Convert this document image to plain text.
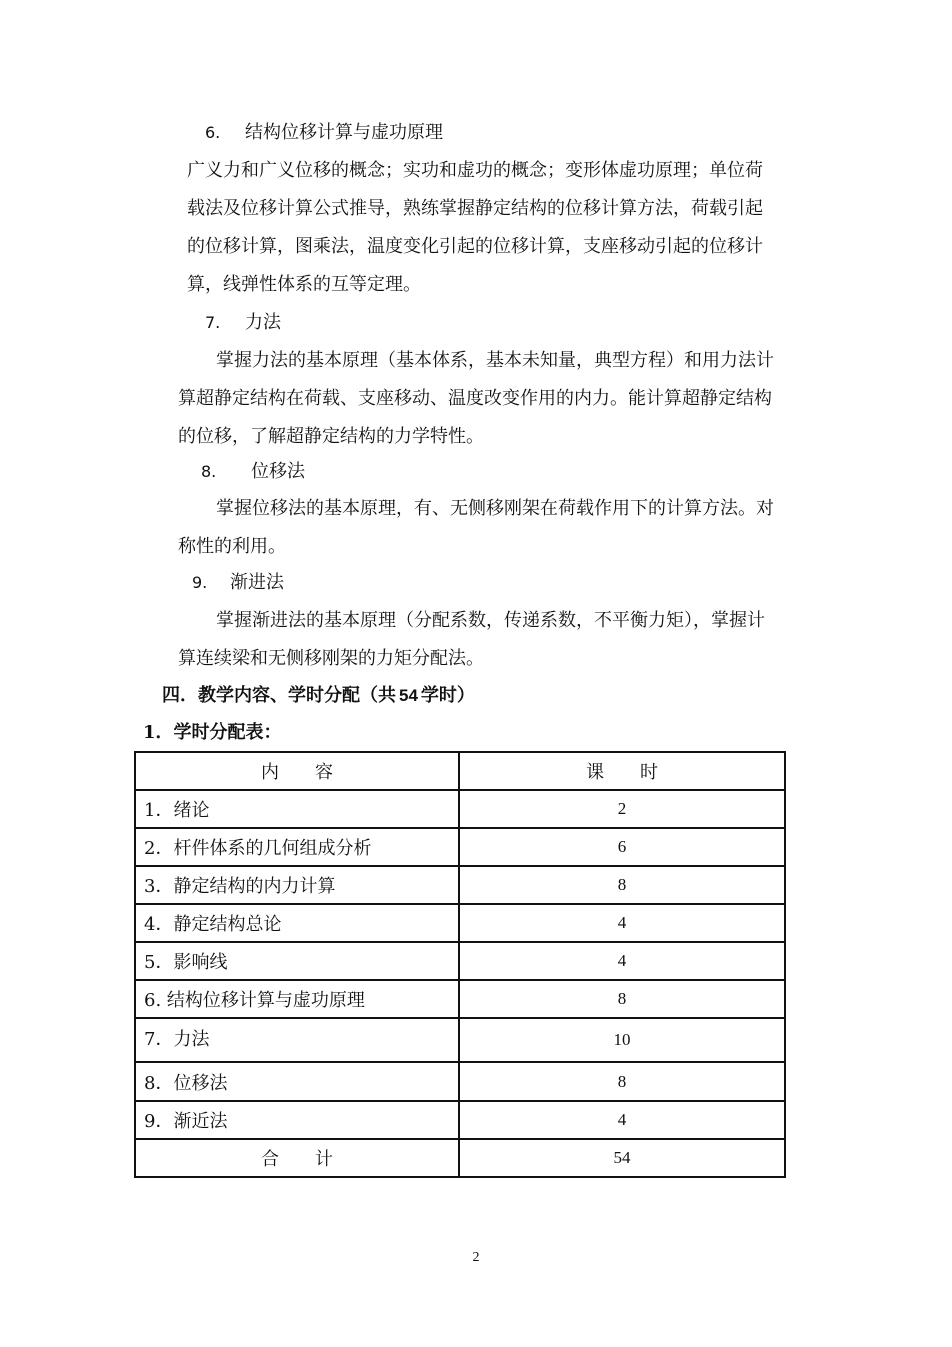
6. 结构位移计算与虚功原理
广义力和广义位移的概念；实功和虚功的概念；变形体虚功原理；单位荷
载法及位移计算公式推导，熟练掌握静定结构的位移计算方法，荷载引起
的位移计算，图乘法，温度变化引起的位移计算，支座移动引起的位移计
算，线弹性体系的互等定理。
7. 力法
掌握力法的基本原理（基本体系，基本未知量，典型方程）和用力法计
算超静定结构在荷载、支座移动、温度改变作用的内力。能计算超静定结构
的位移，了解超静定结构的力学特性。
8. 位移法
掌握位移法的基本原理，有、无侧移刚架在荷载作用下的计算方法。对
称性的利用。
9. 渐进法
掌握渐进法的基本原理（分配系数，传递系数，不平衡力矩），掌握计
算连续梁和无侧移刚架的力矩分配法。
四．教学内容、学时分配（共 54 学时）
1．学时分配表：
内　　容	课　　时
1．绪论	2
2．杆件体系的几何组成分析	6
3．静定结构的内力计算	8
4．静定结构总论	4
5．影响线	4
6. 结构位移计算与虚功原理	8
7．力法	10
8．位移法	8
9．渐近法	4
合　　计	54
2
